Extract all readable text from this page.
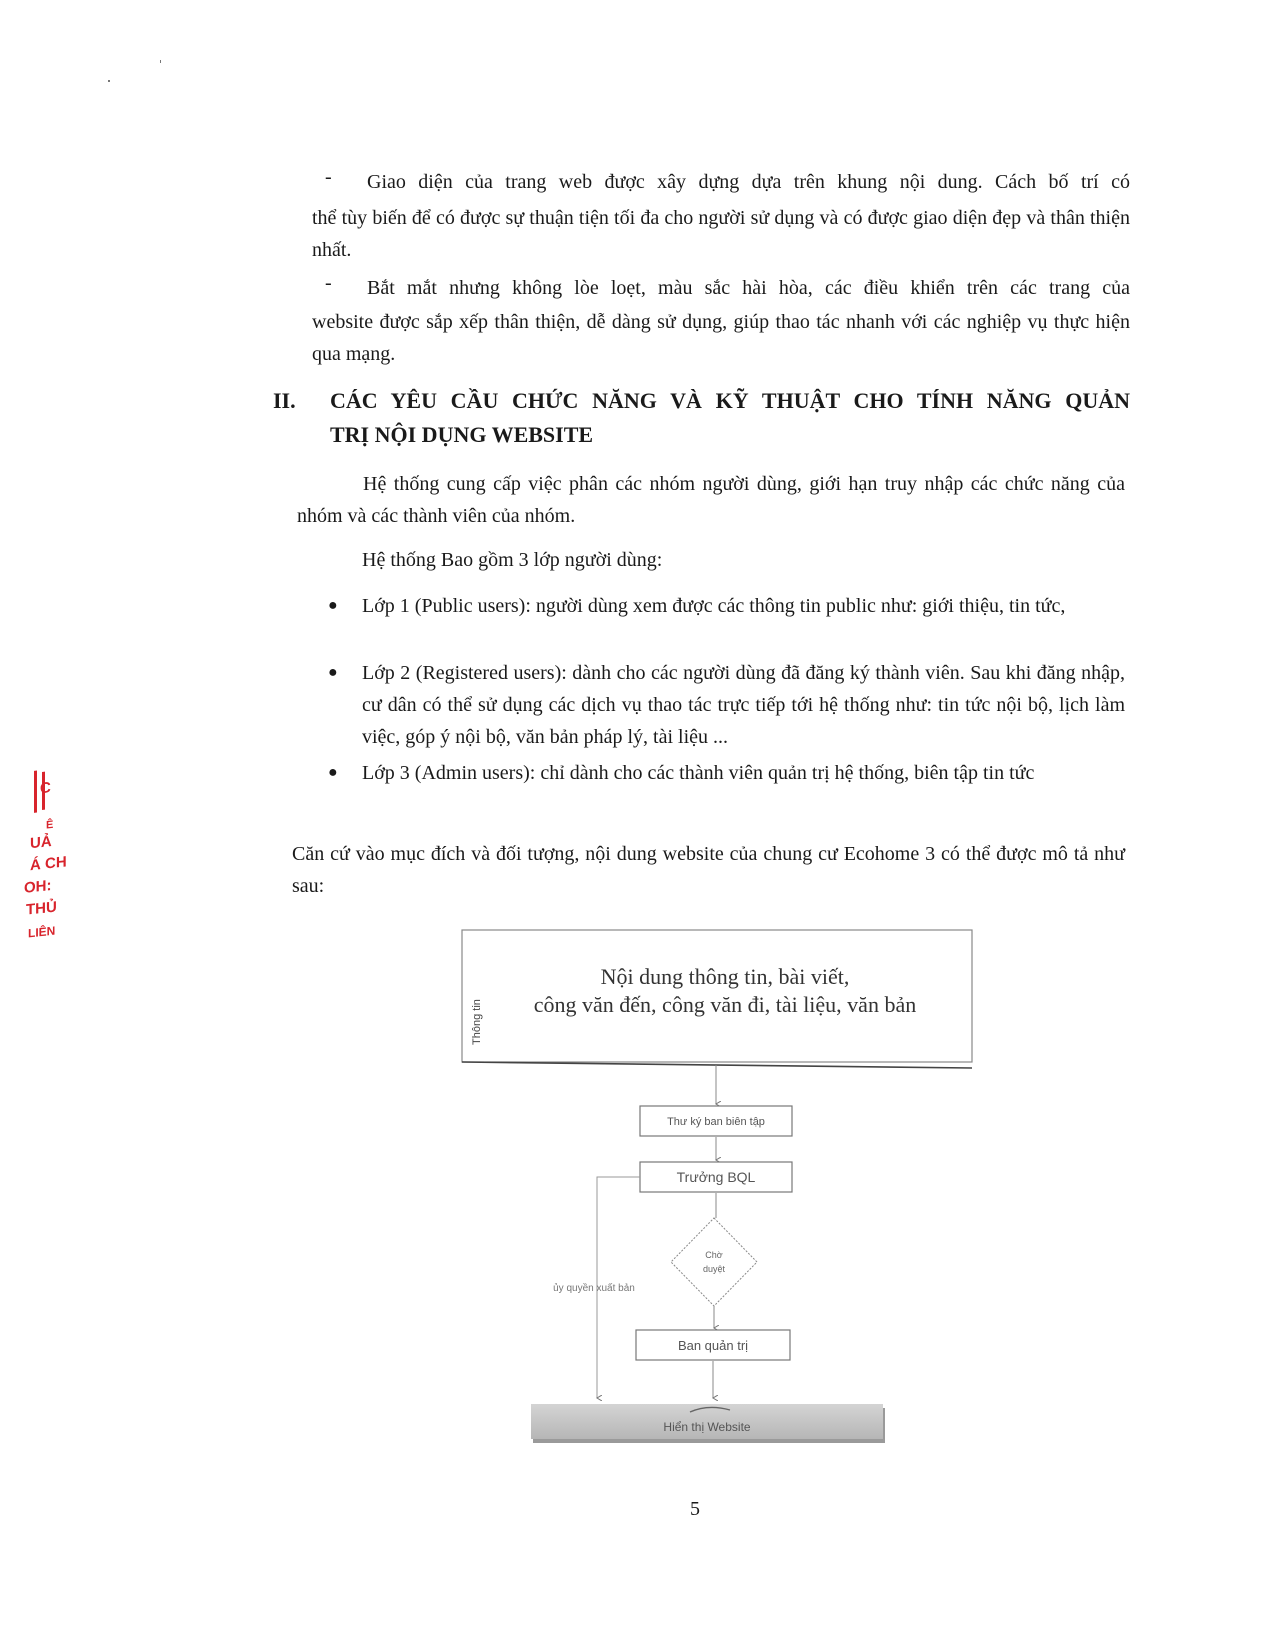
- Giao diện của trang web được xây dựng dựa trên khung nội dung. Cách bố trí có

thể tùy biến để có được sự thuận tiện tối đa cho người sử dụng và có được giao diện đẹp và thân thiện nhất.

- Bắt mắt nhưng không lòe loẹt, màu sắc hài hòa, các điều khiển trên các trang của

website được sắp xếp thân thiện, dễ dàng sử dụng, giúp thao tác nhanh với các nghiệp vụ thực hiện qua mạng.

II. CÁC YÊU CẦU CHỨC NĂNG VÀ KỸ THUẬT CHO TÍNH NĂNG QUẢN
TRỊ NỘI DỤNG WEBSITE

Hệ thống cung cấp việc phân các nhóm người dùng, giới hạn truy nhập các chức năng của nhóm và các thành viên của nhóm.

Hệ thống Bao gồm 3 lớp người dùng:

● Lớp 1 (Public users): người dùng xem được các thông tin public như: giới thiệu, tin tức,

● Lớp 2 (Registered users): dành cho các người dùng đã đăng ký thành viên. Sau khi đăng nhập, cư dân có thể sử dụng các dịch vụ thao tác trực tiếp tới hệ thống như: tin tức nội bộ, lịch làm việc, góp ý nội bộ, văn bản pháp lý, tài liệu ...

● Lớp 3 (Admin users): chỉ dành cho các thành viên quản trị hệ thống, biên tập tin tức

Căn cứ vào mục đích và đối tượng, nội dung website của chung cư Ecohome 3 có thể được mô tả như sau:

C
Ê
UẢ
Á CH
OH:
THỦ
LIÊN
Thông tin
Nội dung thông tin, bài viết,
công văn đến, công văn đi, tài liệu, văn bản
Thư ký ban biên tập
Trưởng BQL
Chờ
duyệt
Ban quản trị
ủy quyền xuất bản
Hiển thị Website
5
